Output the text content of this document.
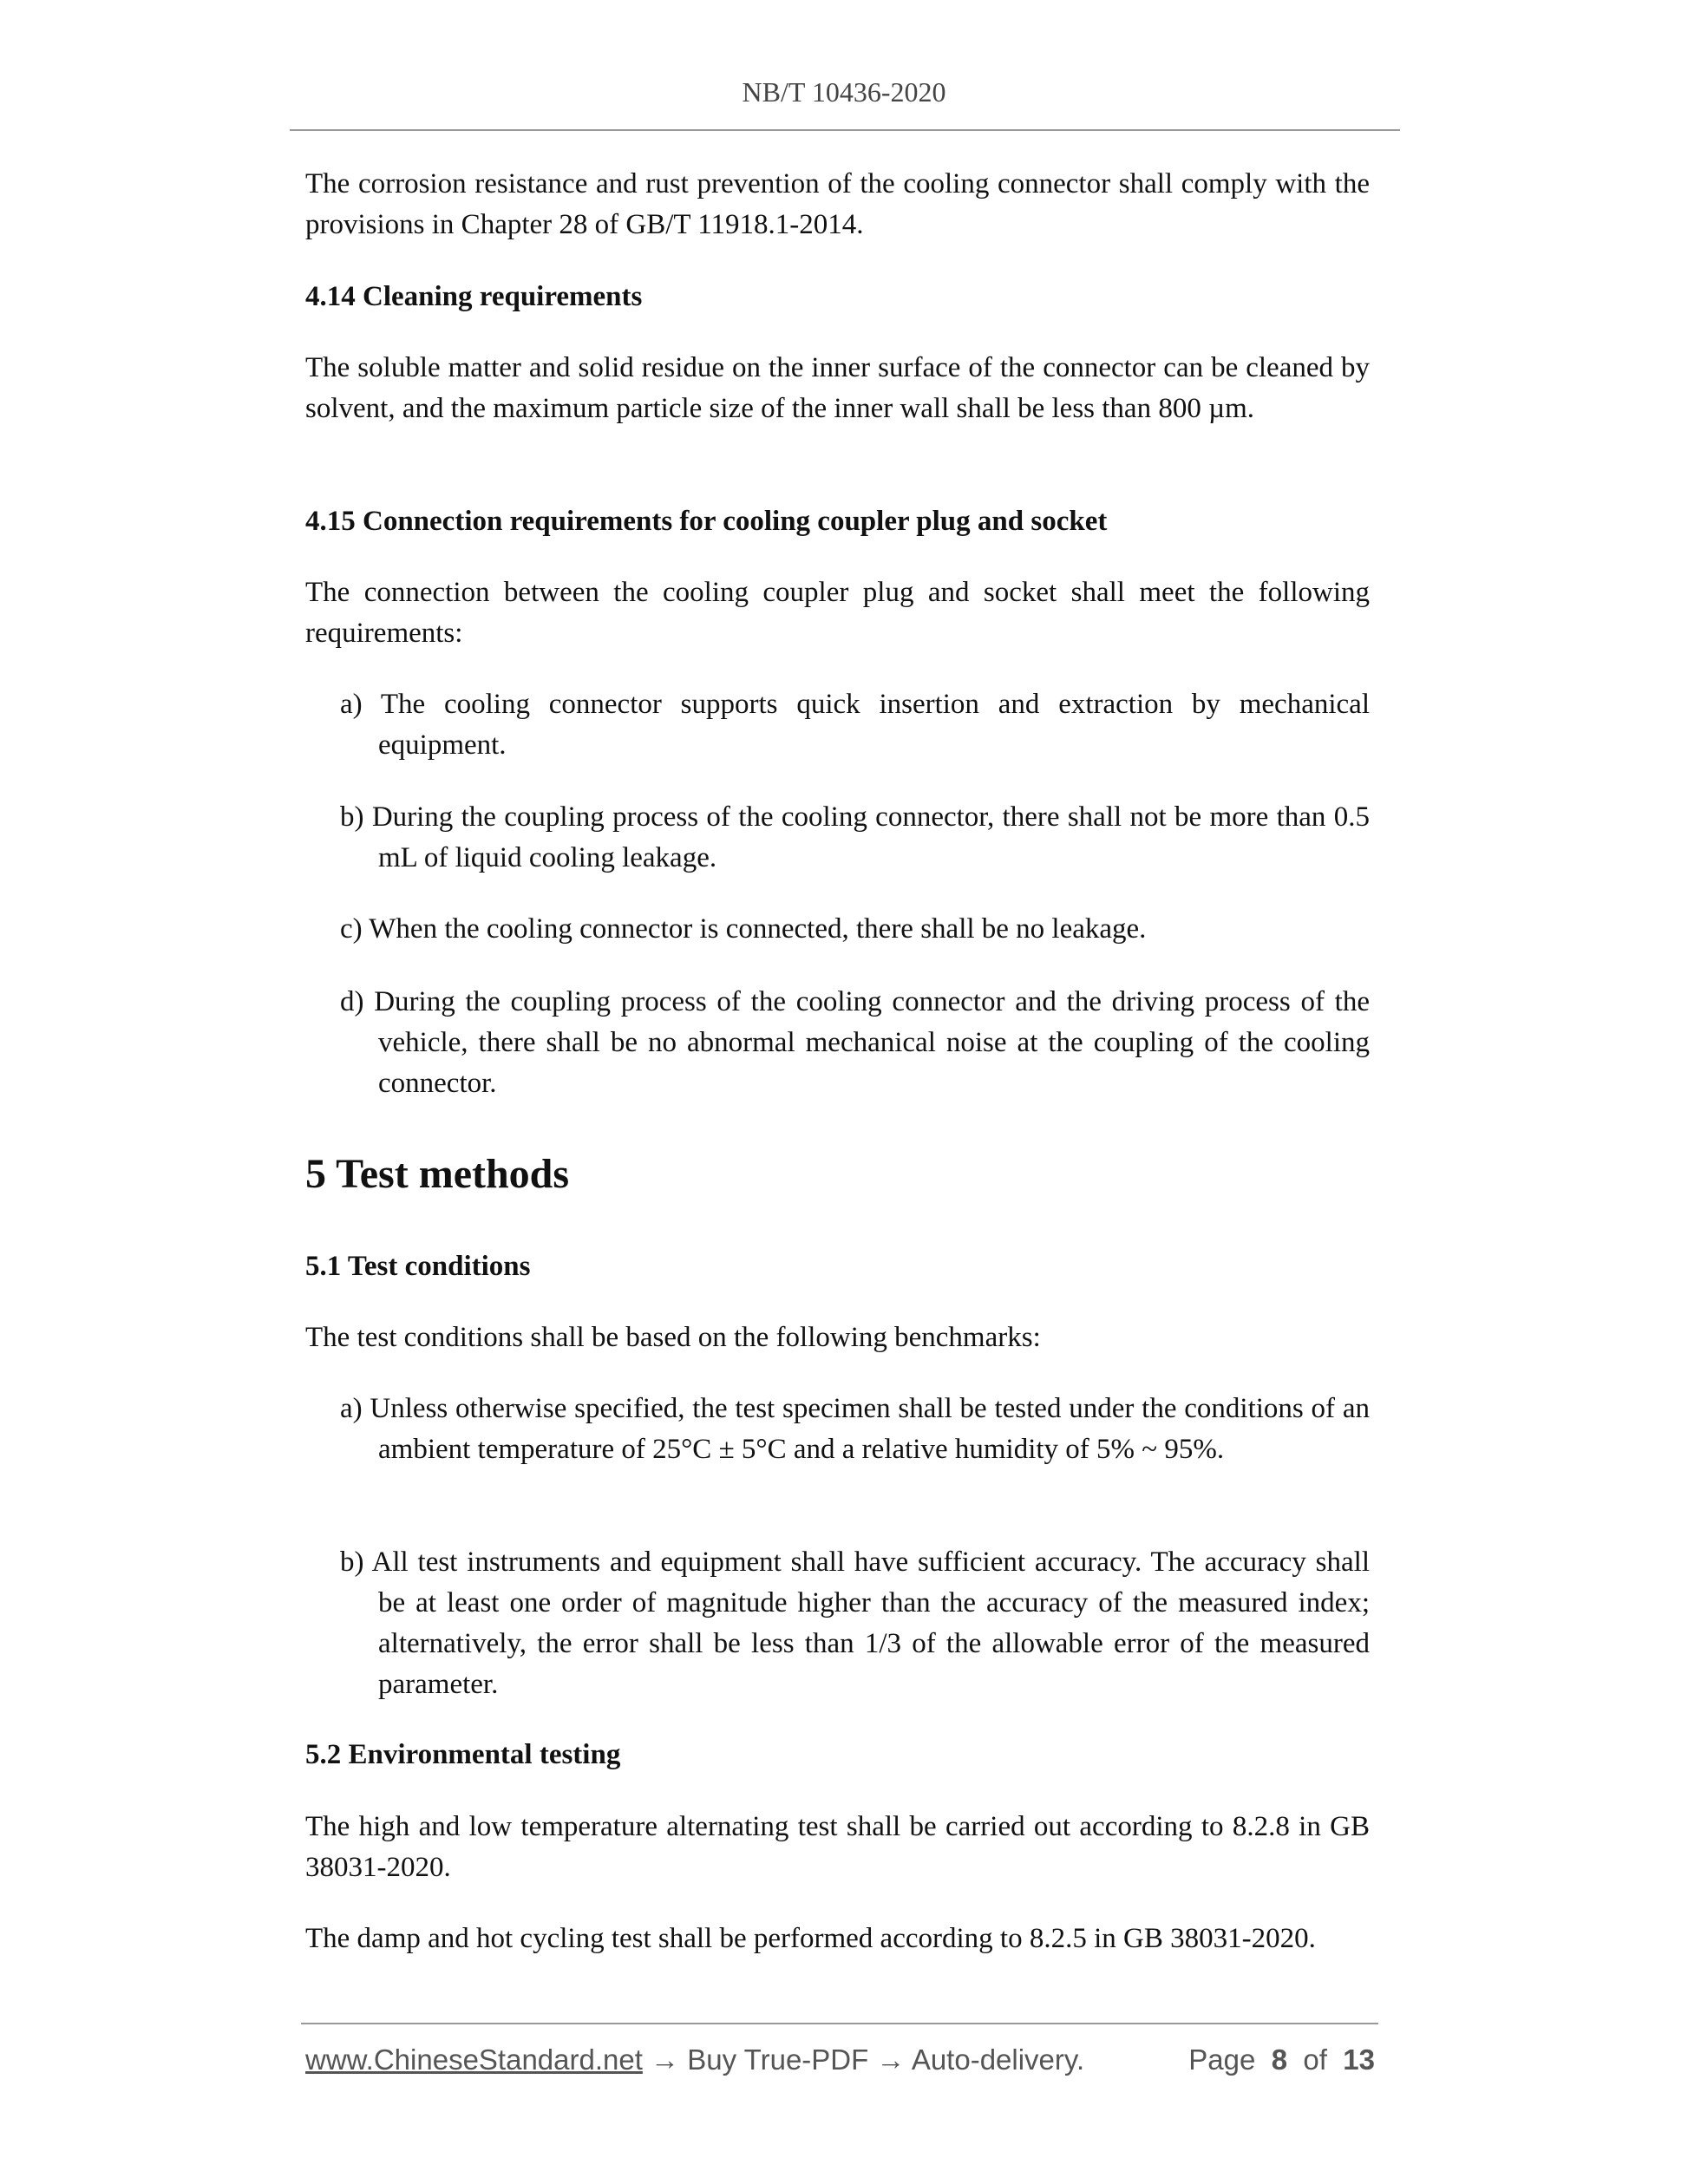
NB/T 10436-2020
The corrosion resistance and rust prevention of the cooling connector shall comply with the provisions in Chapter 28 of GB/T 11918.1-2014.
4.14 Cleaning requirements
The soluble matter and solid residue on the inner surface of the connector can be cleaned by solvent, and the maximum particle size of the inner wall shall be less than 800 µm.
4.15 Connection requirements for cooling coupler plug and socket
The connection between the cooling coupler plug and socket shall meet the following requirements:
a) The cooling connector supports quick insertion and extraction by mechanical equipment.
b) During the coupling process of the cooling connector, there shall not be more than 0.5 mL of liquid cooling leakage.
c) When the cooling connector is connected, there shall be no leakage.
d) During the coupling process of the cooling connector and the driving process of the vehicle, there shall be no abnormal mechanical noise at the coupling of the cooling connector.
5 Test methods
5.1 Test conditions
The test conditions shall be based on the following benchmarks:
a) Unless otherwise specified, the test specimen shall be tested under the conditions of an ambient temperature of 25°C ± 5°C and a relative humidity of 5% ~ 95%.
b) All test instruments and equipment shall have sufficient accuracy. The accuracy shall be at least one order of magnitude higher than the accuracy of the measured index; alternatively, the error shall be less than 1/3 of the allowable error of the measured parameter.
5.2 Environmental testing
The high and low temperature alternating test shall be carried out according to 8.2.8 in GB 38031-2020.
The damp and hot cycling test shall be performed according to 8.2.5 in GB 38031-2020.
www.ChineseStandard.net → Buy True-PDF → Auto-delivery.	Page 8 of 13
